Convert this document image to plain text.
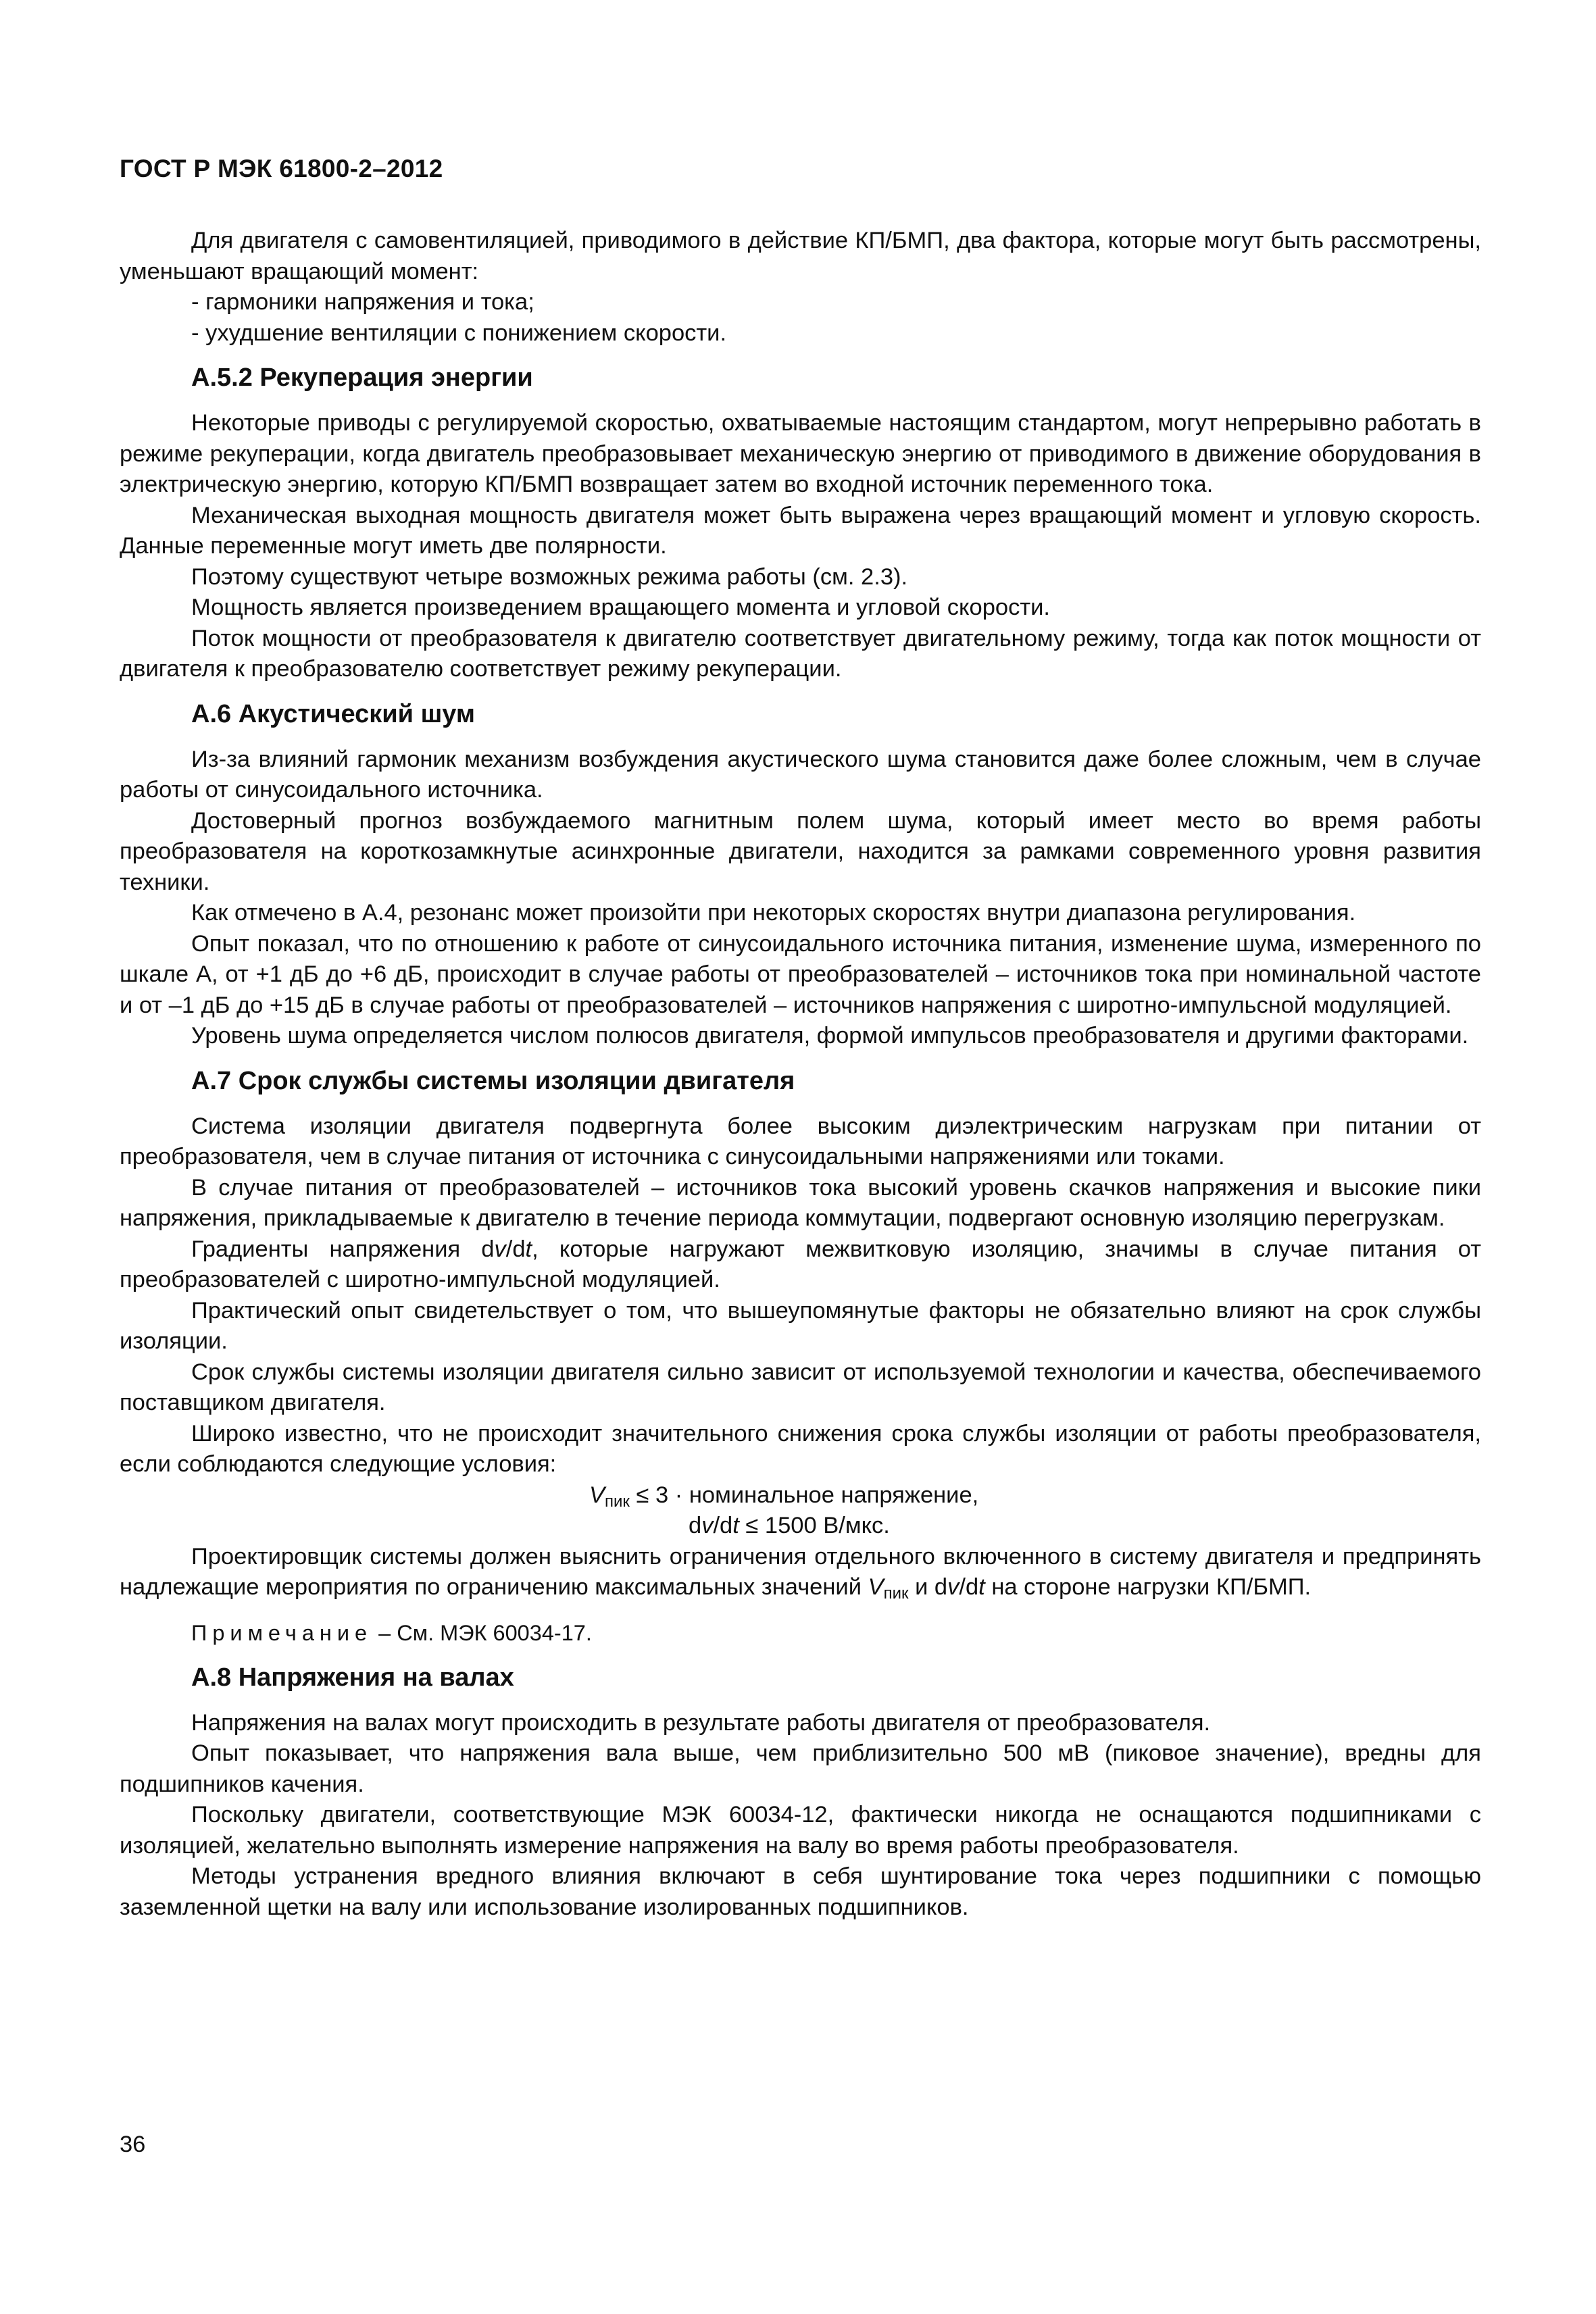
ГОСТ Р МЭК 61800-2–2012

Для двигателя с самовентиляцией, приводимого в действие КП/БМП, два фактора, которые могут быть рассмотрены, уменьшают вращающий момент:

- гармоники напряжения и тока;

- ухудшение вентиляции с понижением скорости.

А.5.2 Рекуперация энергии

Некоторые приводы с регулируемой скоростью, охватываемые настоящим стандартом, могут непрерывно работать в режиме рекуперации, когда двигатель преобразовывает механическую энергию от приводимого в движение оборудования в электрическую энергию, которую КП/БМП возвращает затем во входной источник переменного тока.

Механическая выходная мощность двигателя может быть выражена через вращающий момент и угловую скорость. Данные переменные могут иметь две полярности.

Поэтому существуют четыре возможных режима работы (см. 2.3).

Мощность является произведением вращающего момента и угловой скорости.

Поток мощности от преобразователя к двигателю соответствует двигательному режиму, тогда как поток мощности от двигателя к преобразователю соответствует режиму рекуперации.

А.6 Акустический шум

Из-за влияний гармоник механизм возбуждения акустического шума становится даже более сложным, чем в случае работы от синусоидального источника.

Достоверный прогноз возбуждаемого магнитным полем шума, который имеет место во время работы преобразователя на короткозамкнутые асинхронные двигатели, находится за рамками современного уровня развития техники.

Как отмечено в А.4, резонанс может произойти при некоторых скоростях внутри диапазона регулирования.

Опыт показал, что по отношению к работе от синусоидального источника питания, изменение шума, измеренного по шкале А, от +1 дБ до +6 дБ, происходит в случае работы от преобразователей – источников тока при номинальной частоте и от –1 дБ до +15 дБ в случае работы от преобразователей – источников напряжения с широтно-импульсной модуляцией.

Уровень шума определяется числом полюсов двигателя, формой импульсов преобразователя и другими факторами.

А.7 Срок службы системы изоляции двигателя

Система изоляции двигателя подвергнута более высоким диэлектрическим нагрузкам при питании от преобразователя, чем в случае питания от источника с синусоидальными напряжениями или токами.

В случае питания от преобразователей – источников тока высокий уровень скачков напряжения и высокие пики напряжения, прикладываемые к двигателю в течение периода коммутации, подвергают основную изоляцию перегрузкам.

Градиенты напряжения dv/dt, которые нагружают межвитковую изоляцию, значимы в случае питания от преобразователей с широтно-импульсной модуляцией.

Практический опыт свидетельствует о том, что вышеупомянутые факторы не обязательно влияют на срок службы изоляции.

Срок службы системы изоляции двигателя сильно зависит от используемой технологии и качества, обеспечиваемого поставщиком двигателя.

Широко известно, что не происходит значительного снижения срока службы изоляции от работы преобразователя, если соблюдаются следующие условия:

$V_{пик} \le 3$ · номинальное напряжение,
dv/dt ≤ 1500 В/мкс.

Проектировщик системы должен выяснить ограничения отдельного включенного в систему двигателя и предпринять надлежащие мероприятия по ограничению максимальных значений $V_{пик}$ и dv/dt на стороне нагрузки КП/БМП.

Примечание – См. МЭК 60034-17.
А.8 Напряжения на валах

Напряжения на валах могут происходить в результате работы двигателя от преобразователя.

Опыт показывает, что напряжения вала выше, чем приблизительно 500 мВ (пиковое значение), вредны для подшипников качения.

Поскольку двигатели, соответствующие МЭК 60034-12, фактически никогда не оснащаются подшипниками с изоляцией, желательно выполнять измерение напряжения на валу во время работы преобразователя.

Методы устранения вредного влияния включают в себя шунтирование тока через подшипники с помощью заземленной щетки на валу или использование изолированных подшипников.

36
